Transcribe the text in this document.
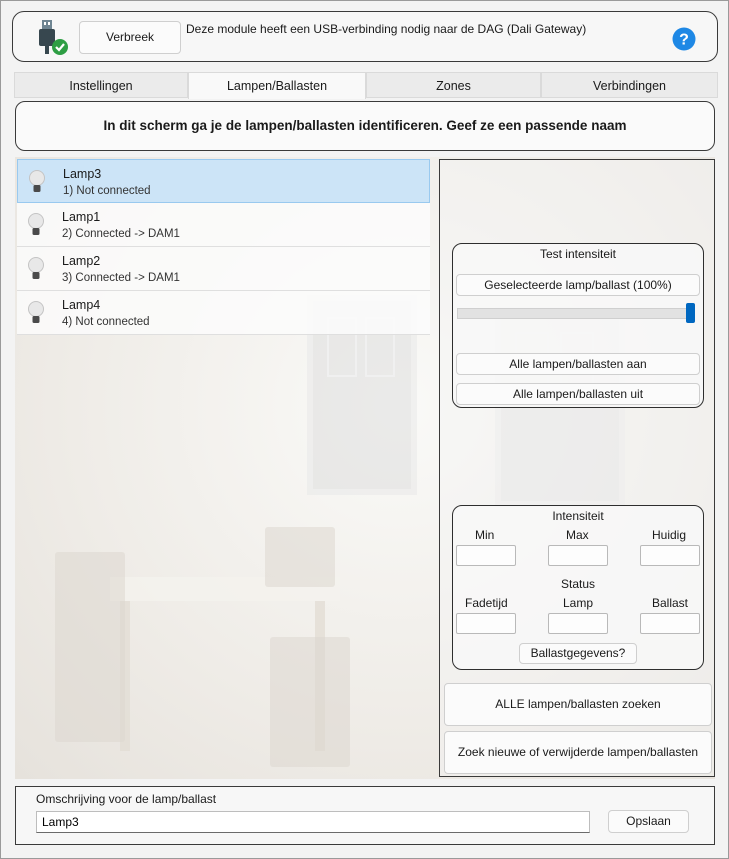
Verbreek
Deze module heeft een USB-verbinding nodig naar de DAG (Dali Gateway)
?
Instellingen	Lampen/Ballasten	Zones	Verbindingen
In dit scherm ga je de lampen/ballasten identificeren. Geef ze een passende naam
Lamp3
1) Not connected
Lamp1
2) Connected -> DAM1
Lamp2
3) Connected -> DAM1
Lamp4
4) Not connected
Test intensiteit
Geselecteerde lamp/ballast (100%)
Alle lampen/ballasten aan
Alle lampen/ballasten uit
Intensiteit
Min	Max	Huidig
Status
Fadetijd	Lamp	Ballast
Ballastgegevens?
ALLE lampen/ballasten zoeken
Zoek nieuwe of verwijderde lampen/ballasten
Omschrijving voor de lamp/ballast
Lamp3
Opslaan
